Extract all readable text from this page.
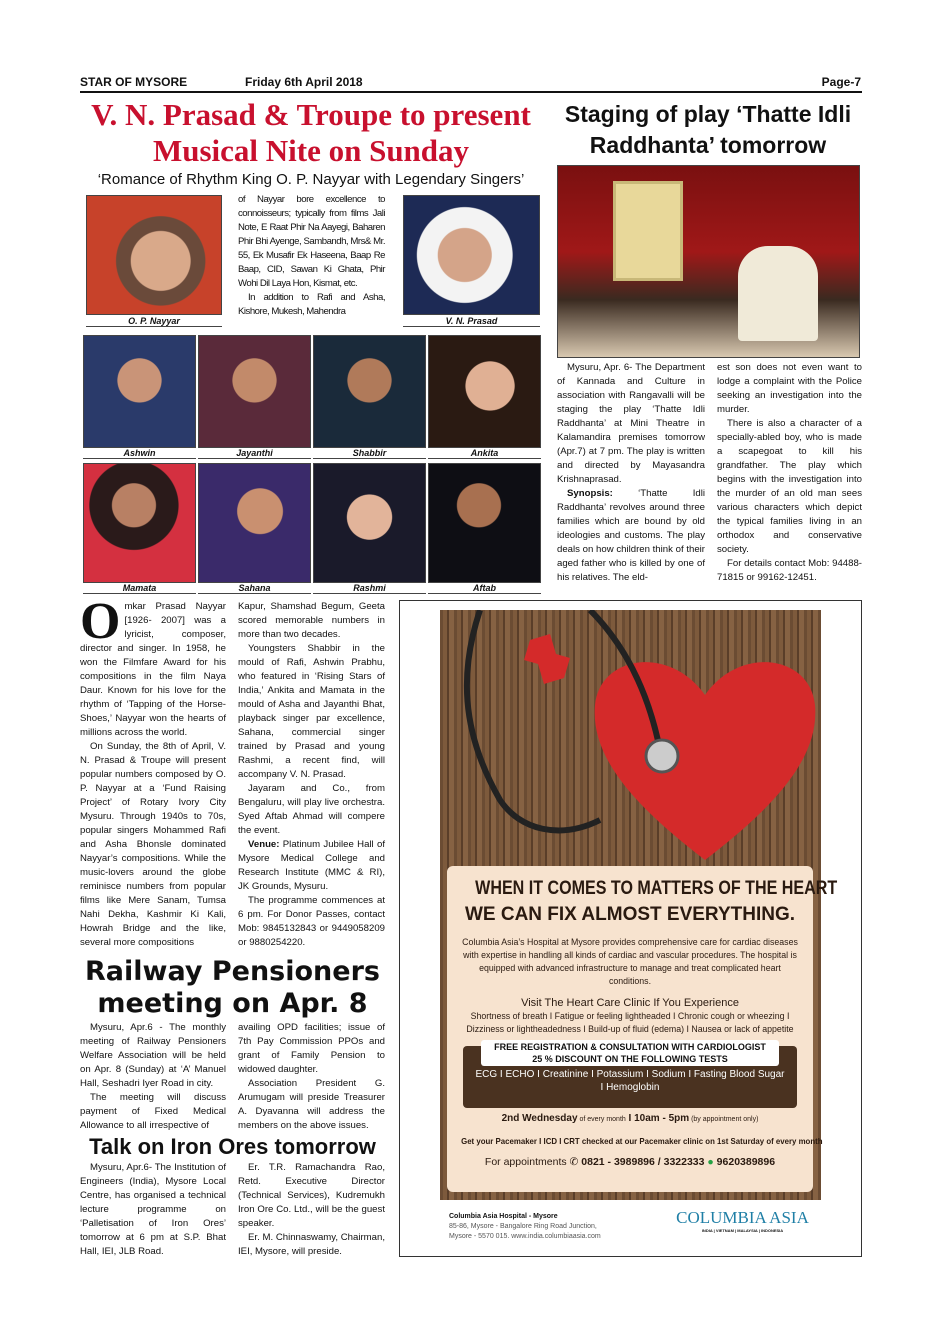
STAR OF MYSORE	Friday 6th April 2018	Page-7
V. N. Prasad & Troupe to present
Musical Nite on Sunday
‘Romance of Rhythm King O. P. Nayyar with Legendary Singers’
O. P. Nayyar

of Nayyar bore excellence to connoisseurs; typically from films Jali Note, E Raat Phir Na Aayegi, Baharen Phir Bhi Ayenge, Sambandh, Mrs& Mr. 55, Ek Musafir Ek Haseena, Baap Re Baap, CID, Sawan Ki Ghata, Phir Wohi Dil Laya Hon, Kismat, etc.

In addition to Rafi and Asha, Kishore, Mukesh, Mahendra

V. N. Prasad
Ashwin	Jayanthi	Shabbir	Ankita
Mamata	Sahana	Rashmi	Aftab
Omkar Prasad Nayyar [1926- 2007] was a lyricist, composer, director and singer. In 1958, he won the Filmfare Award for his compositions in the film Naya Daur. Known for his love for the rhythm of ‘Tapping of the Horse-Shoes,’ Nayyar won the hearts of millions across the world.

On Sunday, the 8th of April, V. N. Prasad & Troupe will present popular numbers composed by O. P. Nayyar at a ‘Fund Raising Project’ of Rotary Ivory City Mysuru. Through 1940s to 70s, popular singers Mohammed Rafi and Asha Bhonsle dominated Nayyar’s compositions. While the music-lovers around the globe reminisce numbers from popular films like Mere Sanam, Tumsa Nahi Dekha, Kashmir Ki Kali, Howrah Bridge and the like, several more compositions

Kapur, Shamshad Begum, Geeta scored memorable numbers in more than two decades.

Youngsters Shabbir in the mould of Rafi, Ashwin Prabhu, who featured in ‘Rising Stars of India,’ Ankita and Mamata in the mould of Asha and Jayanthi Bhat, playback singer par excellence, Sahana, commercial singer trained by Prasad and young Rashmi, a recent find, will accompany V. N. Prasad.

Jayaram and Co., from Bengaluru, will play live orchestra. Syed Aftab Ahmad will compere the event.

Venue: Platinum Jubilee Hall of Mysore Medical College and Research Institute (MMC & RI), JK Grounds, Mysuru.

The programme commences at 6 pm. For Donor Passes, contact Mob: 9845132843 or 9449058209 or 9880254220.

Railway Pensioners
meeting on Apr. 8

Mysuru, Apr.6 - The monthly meeting of Railway Pensioners Welfare Association will be held on Apr. 8 (Sunday) at ‘A’ Manuel Hall, Seshadri Iyer Road in city.

The meeting will discuss payment of Fixed Medical Allowance to all irrespective of

availing OPD facilities; issue of 7th Pay Commission PPOs and grant of Family Pension to widowed daughter.

Association President G. Arumugam will preside Treasurer A. Dyavanna will address the members on the above issues.

Talk on Iron Ores tomorrow

Mysuru, Apr.6- The Institution of Engineers (India), Mysore Local Centre, has organised a technical lecture programme on ‘Palletisation of Iron Ores’ tomorrow at 6 pm at S.P. Bhat Hall, IEI, JLB Road.

Er. T.R. Ramachandra Rao, Retd. Executive Director (Technical Services), Kudremukh Iron Ore Co. Ltd., will be the guest speaker.

Er. M. Chinnaswamy, Chairman, IEI, Mysore, will preside.

Staging of play ‘Thatte Idli
Raddhanta’ tomorrow

Mysuru, Apr. 6- The Department of Kannada and Culture in association with Rangavalli will be staging the play ‘Thatte Idli Raddhanta’ at Mini Theatre in Kalamandira premises tomorrow (Apr.7) at 7 pm. The play is written and directed by Mayasandra Krishnaprasad.

Synopsis: ‘Thatte Idli Raddhanta’ revolves around three families which are bound by old ideologies and customs. The play deals on how children think of their aged father who is killed by one of his relatives. The eld-

est son does not even want to lodge a complaint with the Police seeking an investigation into the murder.

There is also a character of a specially-abled boy, who is made a scapegoat to kill his grandfather. The play which begins with the investigation into the murder of an old man sees various characters which depict the typical families living in an orthodox and conservative society.

For details contact Mob: 94488-71815 or 99162-12451.

WHEN IT COMES TO MATTERS OF THE HEART
WE CAN FIX ALMOST EVERYTHING.
Columbia Asia’s Hospital at Mysore provides comprehensive care for cardiac diseases with expertise in handling all kinds of cardiac and vascular procedures. The hospital is equipped with advanced infrastructure to manage and treat complicated heart conditions.
Visit The Heart Care Clinic If You Experience
Shortness of breath I Fatigue or feeling lightheaded I Chronic cough or wheezing I Dizziness or lightheadedness I Build-up of fluid (edema) I Nausea or lack of appetite
FREE REGISTRATION & CONSULTATION WITH CARDIOLOGIST
25 % DISCOUNT ON THE FOLLOWING TESTS
ECG I ECHO I Creatinine I Potassium I Sodium I Fasting Blood Sugar I Hemoglobin
2nd Wednesday of every month I 10am - 5pm (by appointment only)
Get your Pacemaker I ICD I CRT checked at our Pacemaker clinic on 1st Saturday of every month
For appointments ✆ 0821 - 3989896 / 3322333 ● 9620389896
Columbia Asia Hospital - Mysore
85-86, Mysore - Bangalore Ring Road Junction,
Mysore - 5570 015. www.india.columbiaasia.com
COLUMBIA ASIA
INDIA | VIETNAM | MALAYSIA | INDONESIA
